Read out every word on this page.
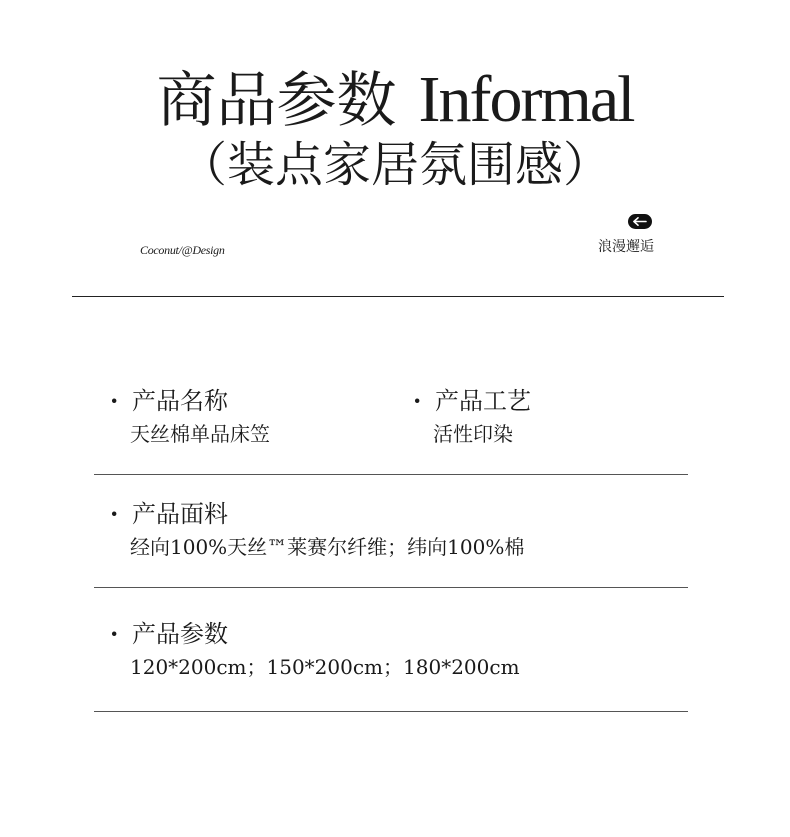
商品参数 Informal
（装点家居氛围感）
Coconut/@Design	浪漫邂逅
· 产品名称
天丝棉单品床笠
· 产品工艺
活性印染
· 产品面料
经向100%天丝™莱赛尔纤维；纬向100%棉
· 产品参数
120*200cm；150*200cm；180*200cm
